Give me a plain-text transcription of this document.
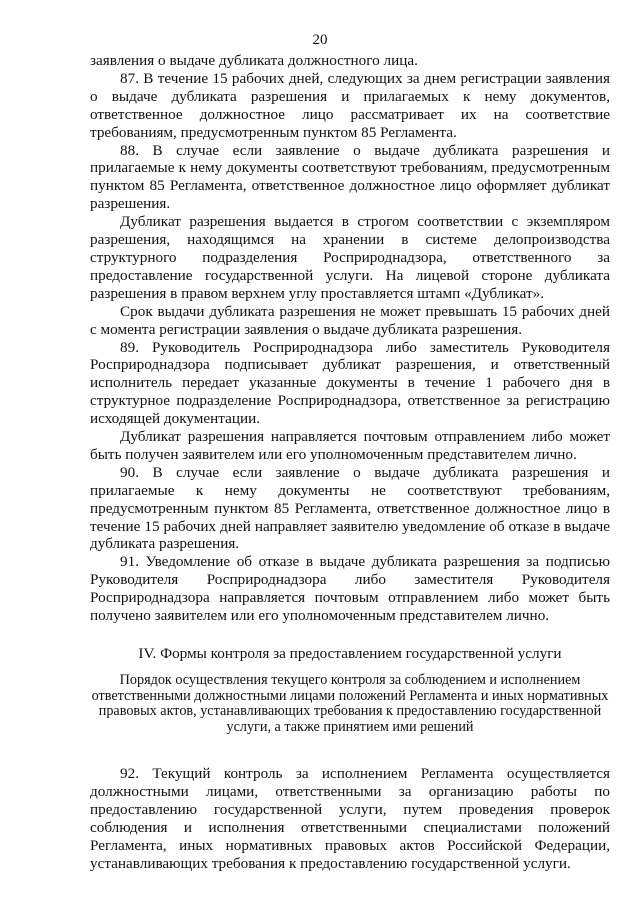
20

заявления о выдаче дубликата должностного лица.

87. В течение 15 рабочих дней, следующих за днем регистрации заявления о выдаче дубликата разрешения и прилагаемых к нему документов, ответственное должностное лицо рассматривает их на соответствие требованиям, предусмотренным пунктом 85 Регламента.

88. В случае если заявление о выдаче дубликата разрешения и прилагаемые к нему документы соответствуют требованиям, предусмотренным пунктом 85 Регламента, ответственное должностное лицо оформляет дубликат разрешения.

Дубликат разрешения выдается в строгом соответствии с экземпляром разрешения, находящимся на хранении в системе делопроизводства структурного подразделения Росприроднадзора, ответственного за предоставление государственной услуги. На лицевой стороне дубликата разрешения в правом верхнем углу проставляется штамп «Дубликат».

Срок выдачи дубликата разрешения не может превышать 15 рабочих дней с момента регистрации заявления о выдаче дубликата разрешения.

89. Руководитель Росприроднадзора либо заместитель Руководителя Росприроднадзора подписывает дубликат разрешения, и ответственный исполнитель передает указанные документы в течение 1 рабочего дня в структурное подразделение Росприроднадзора, ответственное за регистрацию исходящей документации.

Дубликат разрешения направляется почтовым отправлением либо может быть получен заявителем или его уполномоченным представителем лично.

90. В случае если заявление о выдаче дубликата разрешения и прилагаемые к нему документы не соответствуют требованиям, предусмотренным пунктом 85 Регламента, ответственное должностное лицо в течение 15 рабочих дней направляет заявителю уведомление об отказе в выдаче дубликата разрешения.

91. Уведомление об отказе в выдаче дубликата разрешения за подписью Руководителя Росприроднадзора либо заместителя Руководителя Росприроднадзора направляется почтовым отправлением либо может быть получено заявителем или его уполномоченным представителем лично.

IV. Формы контроля за предоставлением государственной услуги

Порядок осуществления текущего контроля за соблюдением и исполнением ответственными должностными лицами положений Регламента и иных нормативных правовых актов, устанавливающих требования к предоставлению государственной услуги, а также принятием ими решений

92. Текущий контроль за исполнением Регламента осуществляется должностными лицами, ответственными за организацию работы по предоставлению государственной услуги, путем проведения проверок соблюдения и исполнения ответственными специалистами положений Регламента, иных нормативных правовых актов Российской Федерации, устанавливающих требования к предоставлению государственной услуги.
